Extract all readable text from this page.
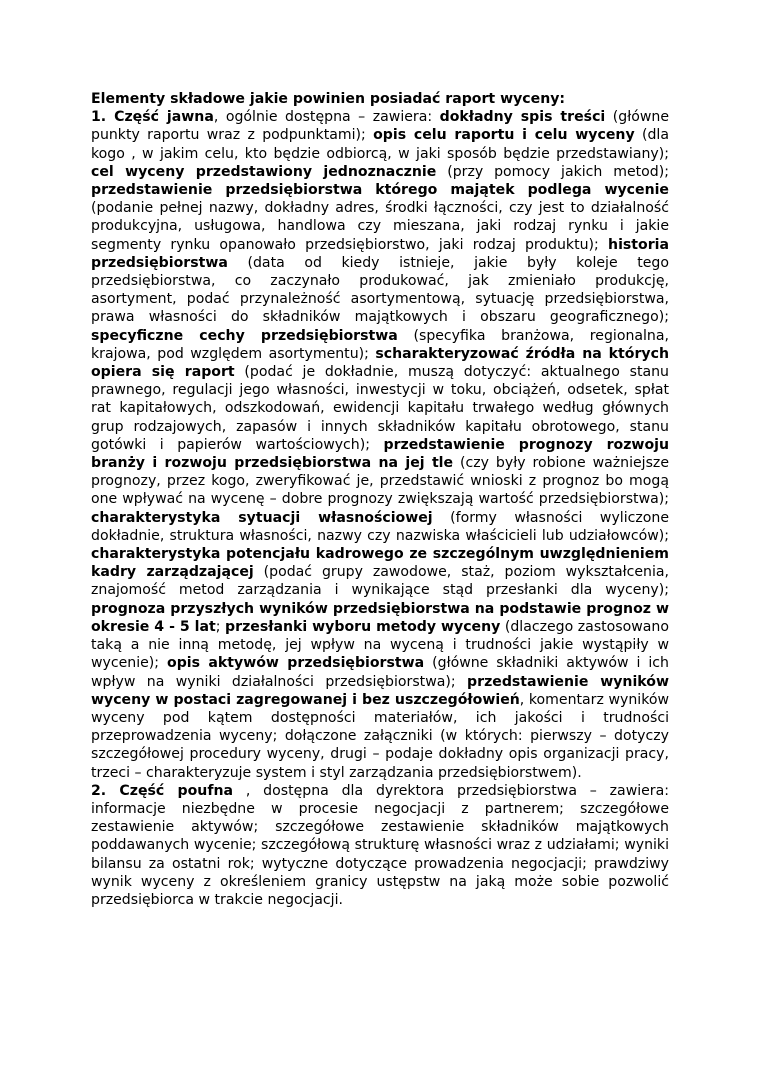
Elementy składowe jakie powinien posiadać raport wyceny:

1. Część jawna, ogólnie dostępna – zawiera: dokładny spis treści (główne punkty raportu wraz z podpunktami); opis celu raportu i celu wyceny (dla kogo , w jakim celu, kto będzie odbiorcą, w jaki sposób będzie przedstawiany); cel wyceny przedstawiony jednoznacznie (przy pomocy jakich metod); przedstawienie przedsiębiorstwa którego majątek podlega wycenie (podanie pełnej nazwy, dokładny adres, środki łączności, czy jest to działalność produkcyjna, usługowa, handlowa czy mieszana, jaki rodzaj rynku i jakie segmenty rynku opanowało przedsiębiorstwo, jaki rodzaj produktu); historia przedsiębiorstwa (data od kiedy istnieje, jakie były koleje tego przedsiębiorstwa, co zaczynało produkować, jak zmieniało produkcję, asortyment, podać przynależność asortymentową, sytuację przedsiębiorstwa, prawa własności do składników majątkowych i obszaru geograficznego); specyficzne cechy przedsiębiorstwa (specyfika branżowa, regionalna, krajowa, pod względem asortymentu); scharakteryzować źródła na których opiera się raport (podać je dokładnie, muszą dotyczyć: aktualnego stanu prawnego, regulacji jego własności, inwestycji w toku, obciążeń, odsetek, spłat rat kapitałowych, odszkodowań, ewidencji kapitału trwałego według głównych grup rodzajowych, zapasów i innych składników kapitału obrotowego, stanu gotówki i papierów wartościowych); przedstawienie prognozy rozwoju branży i rozwoju przedsiębiorstwa na jej tle (czy były robione ważniejsze prognozy, przez kogo, zweryfikować je, przedstawić wnioski z prognoz bo mogą one wpływać na wycenę – dobre prognozy zwiększają wartość przedsiębiorstwa); charakterystyka sytuacji własnościowej (formy własności wyliczone dokładnie, struktura własności, nazwy czy nazwiska właścicieli lub udziałowców); charakterystyka potencjału kadrowego ze szczególnym uwzględnieniem kadry zarządzającej (podać grupy zawodowe, staż, poziom wykształcenia, znajomość metod zarządzania i wynikające stąd przesłanki dla wyceny); prognoza przyszłych wyników przedsiębiorstwa na podstawie prognoz w okresie 4 - 5 lat; przesłanki wyboru metody wyceny (dlaczego zastosowano taką a nie inną metodę, jej wpływ na wyceną i trudności jakie wystąpiły w wycenie); opis aktywów przedsiębiorstwa (główne składniki aktywów i ich wpływ na wyniki działalności przedsiębiorstwa); przedstawienie wyników wyceny w postaci zagregowanej i bez uszczegółowień, komentarz wyników wyceny pod kątem dostępności materiałów, ich jakości i trudności przeprowadzenia wyceny; dołączone załączniki (w których: pierwszy – dotyczy szczegółowej procedury wyceny, drugi – podaje dokładny opis organizacji pracy, trzeci – charakteryzuje system i styl zarządzania przedsiębiorstwem).

2. Część poufna , dostępna dla dyrektora przedsiębiorstwa – zawiera: informacje niezbędne w procesie negocjacji z partnerem; szczegółowe zestawienie aktywów; szczegółowe zestawienie składników majątkowych poddawanych wycenie; szczegółową strukturę własności wraz z udziałami; wyniki bilansu za ostatni rok; wytyczne dotyczące prowadzenia negocjacji; prawdziwy wynik wyceny z określeniem granicy ustępstw na jaką może sobie pozwolić przedsiębiorca w trakcie negocjacji.
